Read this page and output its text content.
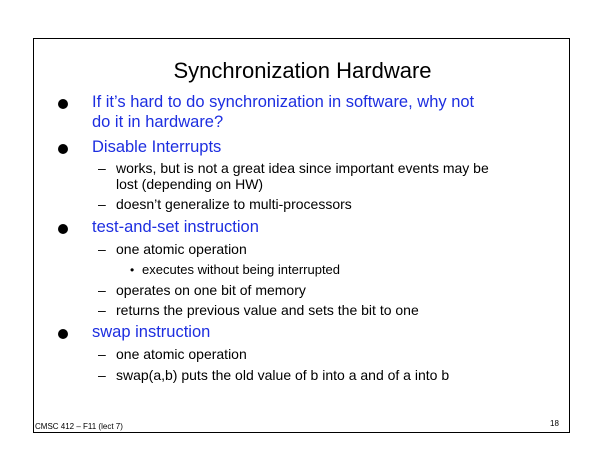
Synchronization Hardware
If it’s hard to do synchronization in software, why not
do it in hardware?
Disable Interrupts
– works, but is not a great idea since important events may be
lost (depending on HW)
– doesn’t generalize to multi-processors
test-and-set instruction
– one atomic operation
• executes without being interrupted
– operates on one bit of memory
– returns the previous value and sets the bit to one
swap instruction
– one atomic operation
– swap(a,b) puts the old value of b into a and of a into b
CMSC 412 – F11 (lect 7)	18
